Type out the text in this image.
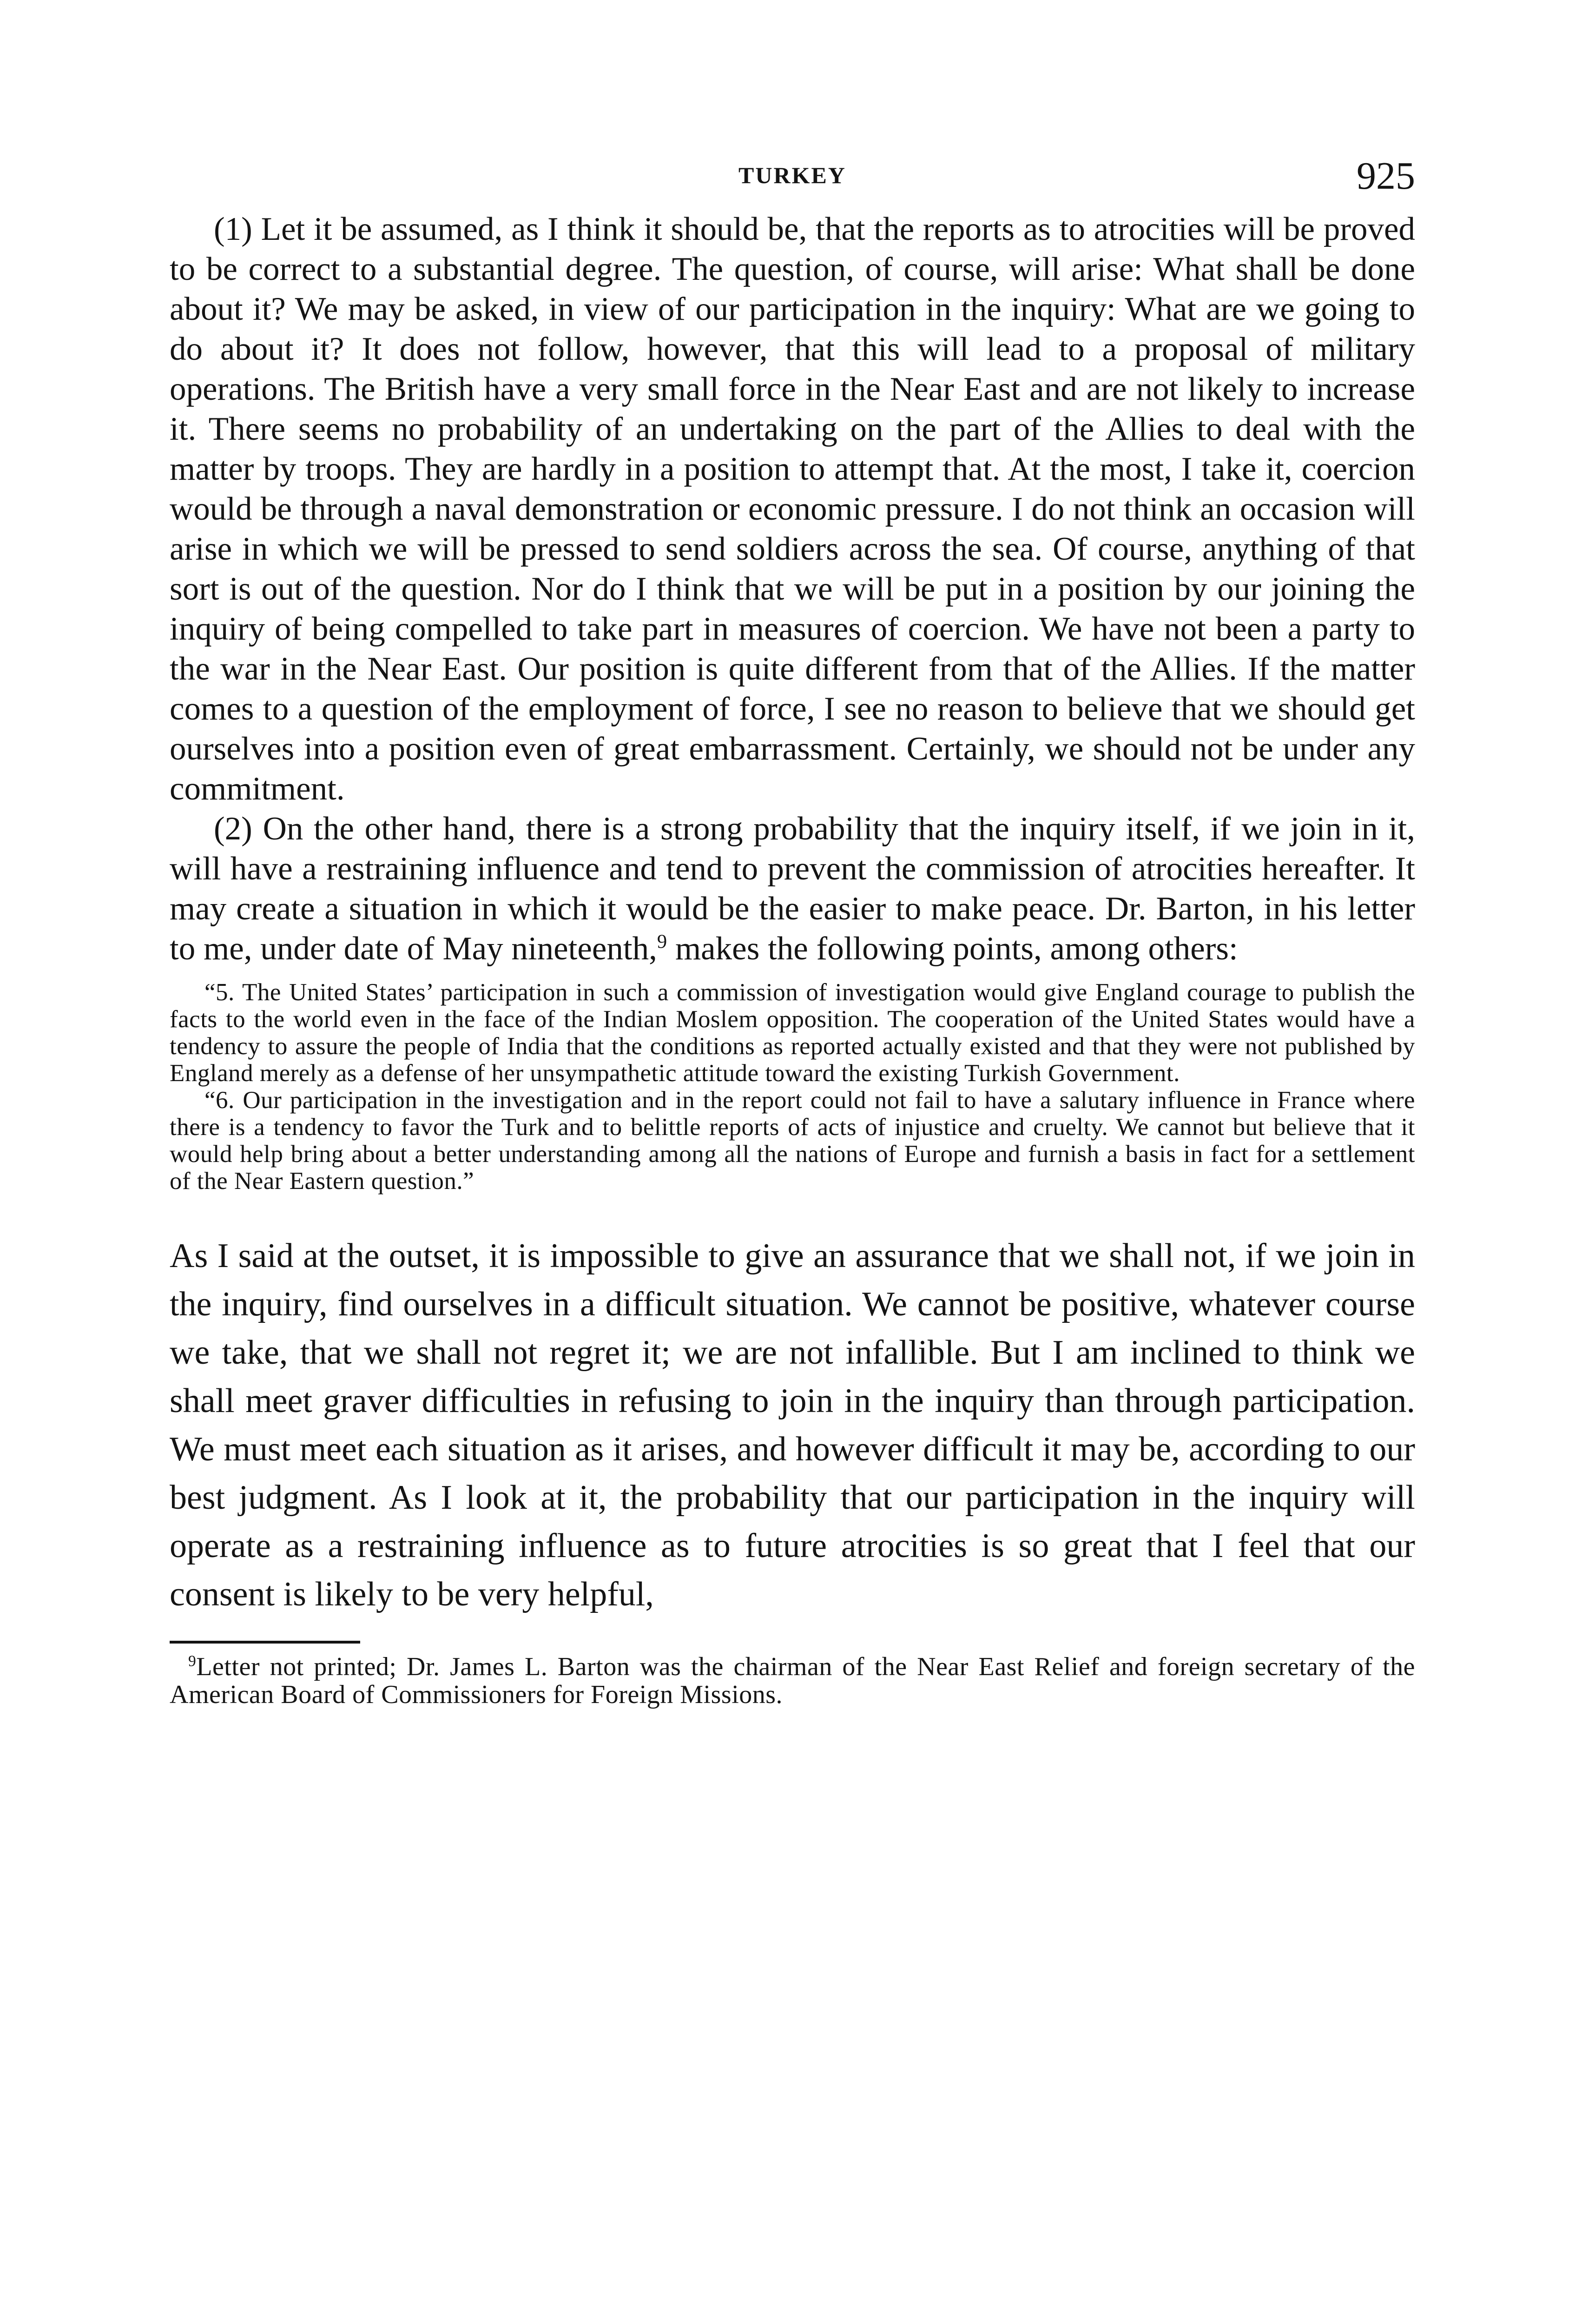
TURKEY	925

(1) Let it be assumed, as I think it should be, that the reports as to atrocities will be proved to be correct to a substantial degree. The question, of course, will arise: What shall be done about it? We may be asked, in view of our participation in the inquiry: What are we going to do about it? It does not follow, however, that this will lead to a proposal of military operations. The British have a very small force in the Near East and are not likely to increase it. There seems no probability of an undertaking on the part of the Allies to deal with the matter by troops. They are hardly in a position to attempt that. At the most, I take it, coercion would be through a naval demonstration or economic pressure. I do not think an occasion will arise in which we will be pressed to send soldiers across the sea. Of course, anything of that sort is out of the question. Nor do I think that we will be put in a position by our joining the inquiry of being compelled to take part in measures of coercion. We have not been a party to the war in the Near East. Our position is quite different from that of the Allies. If the matter comes to a question of the employment of force, I see no reason to believe that we should get ourselves into a position even of great embarrassment. Certainly, we should not be under any commitment.

(2) On the other hand, there is a strong probability that the inquiry itself, if we join in it, will have a restraining influence and tend to prevent the commission of atrocities hereafter. It may create a situation in which it would be the easier to make peace. Dr. Barton, in his letter to me, under date of May nineteenth,$^9$ makes the following points, among others:

“5. The United States’ participation in such a commission of investigation would give England courage to publish the facts to the world even in the face of the Indian Moslem opposition. The cooperation of the United States would have a tendency to assure the people of India that the conditions as reported actually existed and that they were not published by England merely as a defense of her unsympathetic attitude toward the existing Turkish Government.

“6. Our participation in the investigation and in the report could not fail to have a salutary influence in France where there is a tendency to favor the Turk and to belittle reports of acts of injustice and cruelty. We cannot but believe that it would help bring about a better understanding among all the nations of Europe and furnish a basis in fact for a settlement of the Near Eastern question.”

As I said at the outset, it is impossible to give an assurance that we shall not, if we join in the inquiry, find ourselves in a difficult situation. We cannot be positive, whatever course we take, that we shall not regret it; we are not infallible. But I am inclined to think we shall meet graver difficulties in refusing to join in the inquiry than through participation. We must meet each situation as it arises, and however difficult it may be, according to our best judgment. As I look at it, the probability that our participation in the inquiry will operate as a restraining influence as to future atrocities is so great that I feel that our consent is likely to be very helpful,

$^9$Letter not printed; Dr. James L. Barton was the chairman of the Near East Relief and foreign secretary of the American Board of Commissioners for Foreign Missions.
